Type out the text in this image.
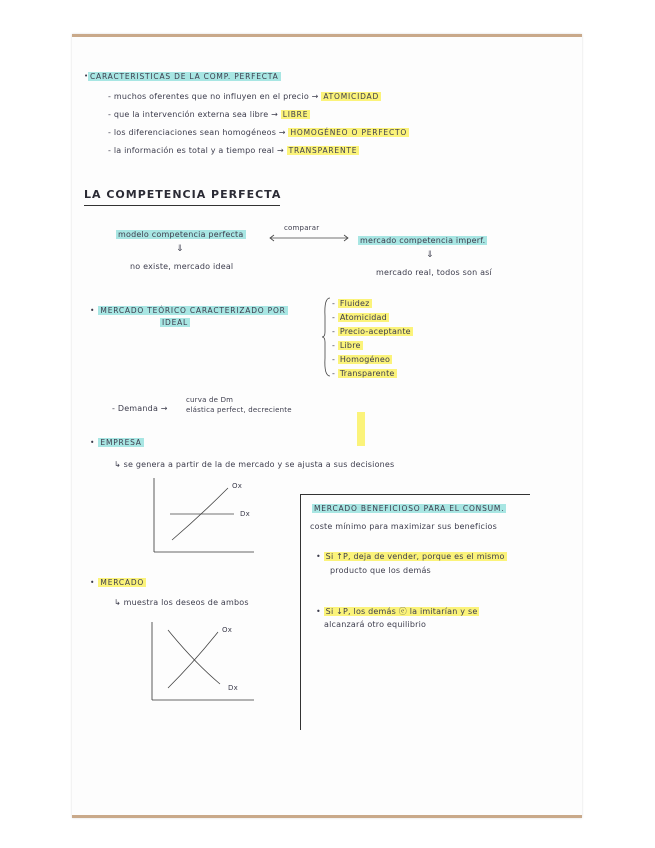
CARACTERISTICAS DE LA COMP. PERFECTA
•
- muchos oferentes que no influyen en el precio → ATOMICIDAD
- que la intervención externa sea libre → LIBRE
- los diferenciaciones sean homogéneos → HOMOGÉNEO O PERFECTO
- la información es total y a tiempo real → TRANSPARENTE
LA COMPETENCIA PERFECTA
modelo competencia perfecta
comparar
mercado competencia imperf.
⇓
⇓
no existe, mercado ideal
mercado real, todos son así
• MERCADO TEÓRICO CARACTERIZADO POR
IDEAL
- Fluidez
- Atomicidad
- Precio-aceptante
- Libre
- Homogéneo
- Transparente
- Demanda →
curva de Dm
elástica perfect, decreciente
• EMPRESA
↳ se genera a partir de la de mercado y se ajusta a sus decisiones
Ox
Dx
• MERCADO
↳ muestra los deseos de ambos
Ox
Dx
MERCADO BENEFICIOSO PARA EL CONSUM.
coste mínimo para maximizar sus beneficios
• Si ↑P, deja de vender, porque es el mismo
producto que los demás
• Si ↓P, los demás ⓔ la imitarían y se
alcanzará otro equilibrio
